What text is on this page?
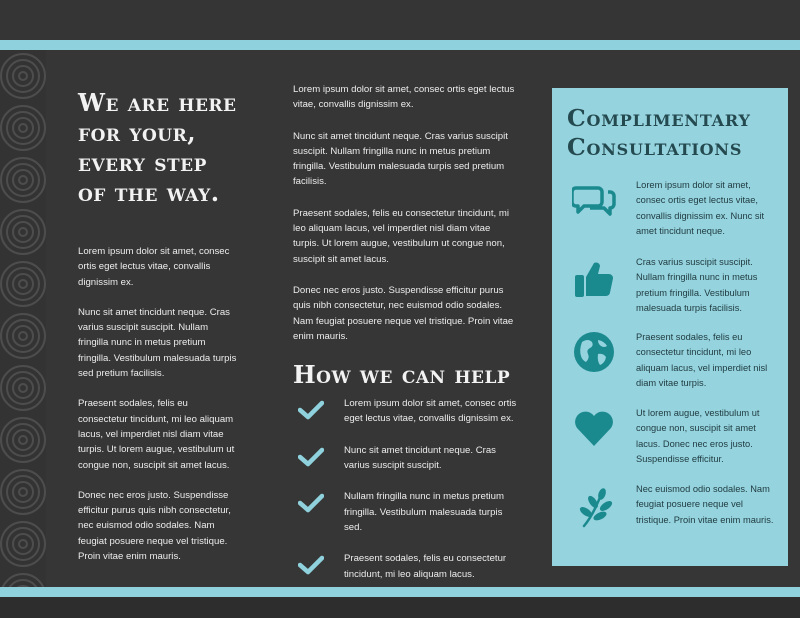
We are here
for your,
every step
of the way.

Lorem ipsum dolor sit amet, consec ortis eget lectus vitae, convallis dignissim ex.

Nunc sit amet tincidunt neque. Cras varius suscipit suscipit. Nullam fringilla nunc in metus pretium fringilla. Vestibulum malesuada turpis sed pretium facilisis.

Praesent sodales, felis eu consectetur tincidunt, mi leo aliquam lacus, vel imperdiet nisl diam vitae turpis. Ut lorem augue, vestibulum ut congue non, suscipit sit amet lacus.

Donec nec eros justo. Suspendisse efficitur purus quis nibh consectetur, nec euismod odio sodales. Nam feugiat posuere neque vel tristique. Proin vitae enim mauris.

Lorem ipsum dolor sit amet, consec ortis eget lectus vitae, convallis dignissim ex.

Nunc sit amet tincidunt neque. Cras varius suscipit suscipit. Nullam fringilla nunc in metus pretium fringilla. Vestibulum malesuada turpis sed pretium facilisis.

Praesent sodales, felis eu consectetur tincidunt, mi leo aliquam lacus, vel imperdiet nisl diam vitae turpis. Ut lorem augue, vestibulum ut congue non, suscipit sit amet lacus.

Donec nec eros justo. Suspendisse efficitur purus quis nibh consectetur, nec euismod odio sodales. Nam feugiat posuere neque vel tristique. Proin vitae enim mauris.

How we can help
Lorem ipsum dolor sit amet, consec ortis eget lectus vitae, convallis dignissim ex.
Nunc sit amet tincidunt neque. Cras varius suscipit suscipit.
Nullam fringilla nunc in metus pretium fringilla. Vestibulum malesuada turpis sed.
Praesent sodales, felis eu consectetur tincidunt, mi leo aliquam lacus.
Complimentary
Consultations
Lorem ipsum dolor sit amet, consec ortis eget lectus vitae, convallis dignissim ex. Nunc sit amet tincidunt neque.
Cras varius suscipit suscipit. Nullam fringilla nunc in metus pretium fringilla. Vestibulum malesuada turpis facilisis.
Praesent sodales, felis eu consectetur tincidunt, mi leo aliquam lacus, vel imperdiet nisl diam vitae turpis.
Ut lorem augue, vestibulum ut congue non, suscipit sit amet lacus. Donec nec eros justo. Suspendisse efficitur.
Nec euismod odio sodales. Nam feugiat posuere neque vel tristique. Proin vitae enim mauris.
